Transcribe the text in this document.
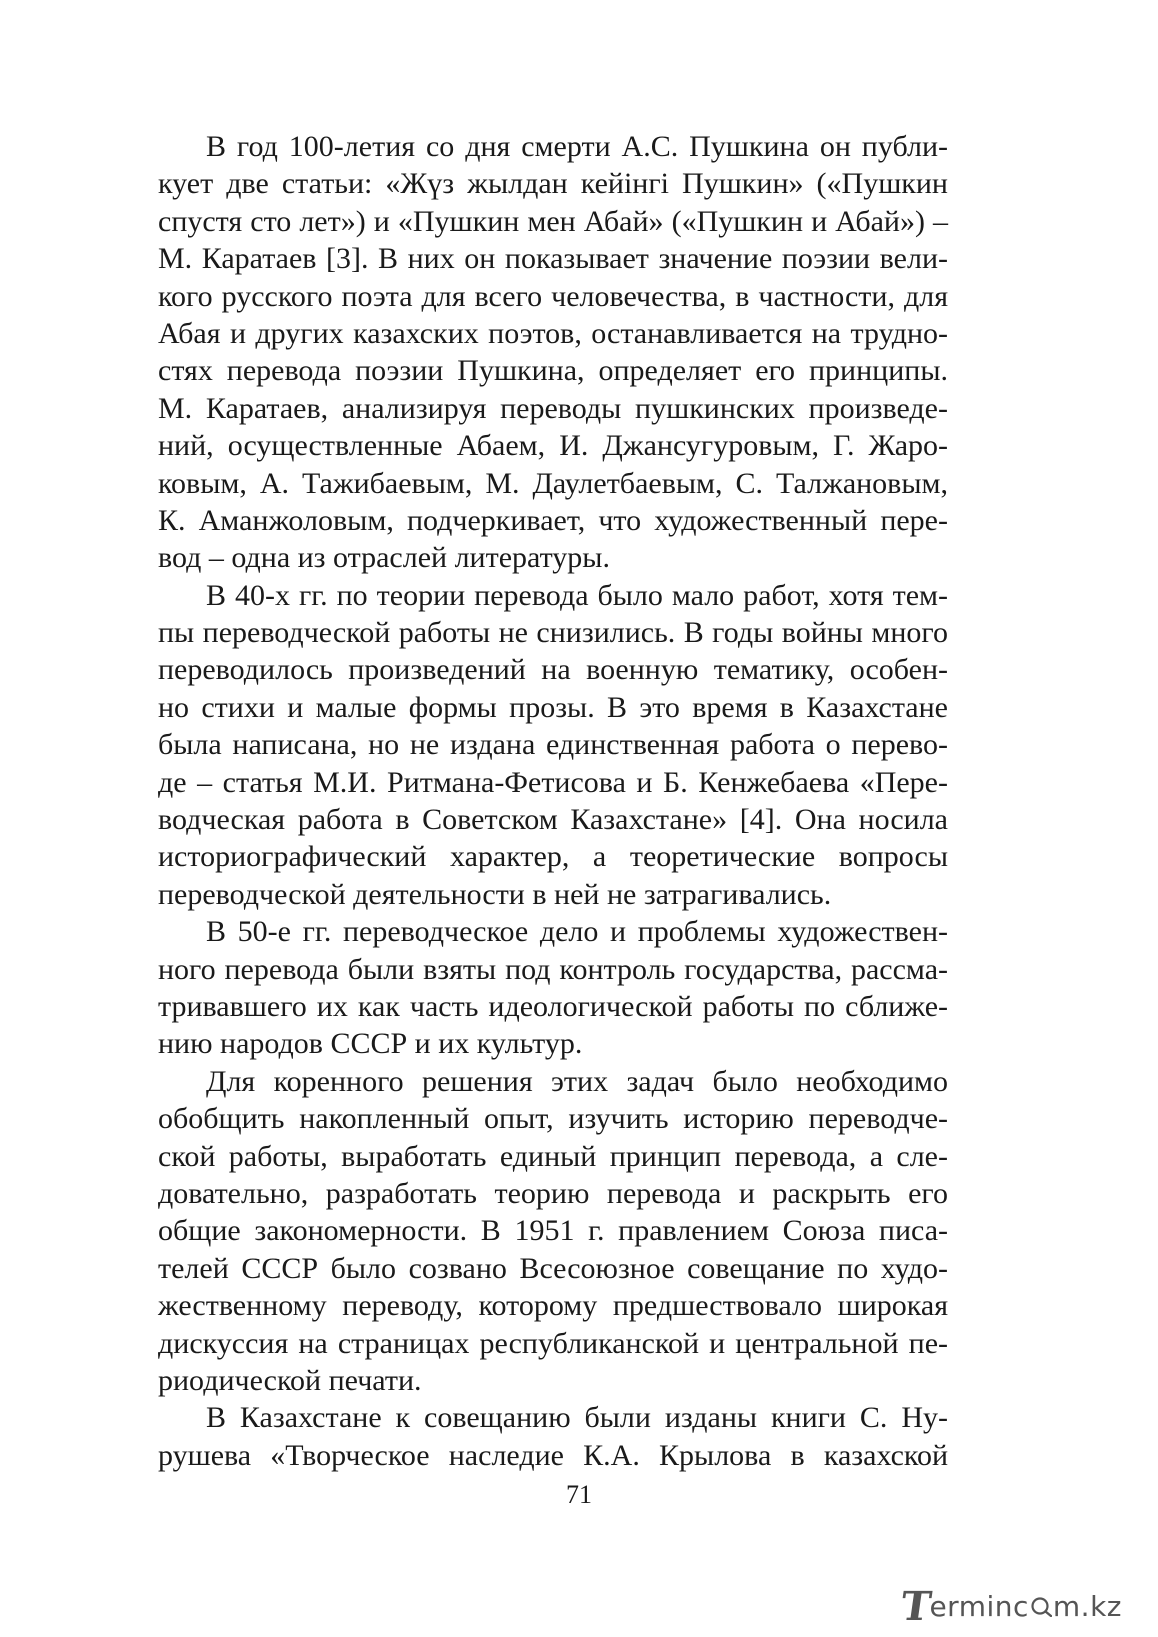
В год 100-летия со дня смерти А.С. Пушкина он публи-
кует две статьи: «Жүз жылдан кейінгі Пушкин» («Пушкин
спустя сто лет») и «Пушкин мен Абай» («Пушкин и Абай») –
М. Каратаев [3]. В них он показывает значение поэзии вели-
кого русского поэта для всего человечества, в частности, для
Абая и других казахских поэтов, останавливается на трудно-
стях перевода поэзии Пушкина, определяет его принципы.
М. Каратаев, анализируя переводы пушкинских произведе-
ний, осуществленные Абаем, И. Джансугуровым, Г. Жаро-
ковым, А. Тажибаевым, М. Даулетбаевым, С. Талжановым,
К. Аманжоловым, подчеркивает, что художественный пере-
вод – одна из отраслей литературы.
В 40-х гг. по теории перевода было мало работ, хотя тем-
пы переводческой работы не снизились. В годы войны много
переводилось произведений на военную тематику, особен-
но стихи и малые формы прозы. В это время в Казахстане
была написана, но не издана единственная работа о перево-
де – статья М.И. Ритмана-Фетисова и Б. Кенжебаева «Пере-
водческая работа в Советском Казахстане» [4]. Она носила
историографический характер, а теоретические вопросы
переводческой деятельности в ней не затрагивались.
В 50-е гг. переводческое дело и проблемы художествен-
ного перевода были взяты под контроль государства, рассма-
тривавшего их как часть идеологической работы по сближе-
нию народов СССР и их культур.
Для коренного решения этих задач было необходимо
обобщить накопленный опыт, изучить историю переводче-
ской работы, выработать единый принцип перевода, а сле-
довательно, разработать теорию перевода и раскрыть его
общие закономерности. В 1951 г. правлением Союза писа-
телей СССР было созвано Всесоюзное совещание по худо-
жественному переводу, которому предшествовало широкая
дискуссия на страницах республиканской и центральной пе-
риодической печати.
В Казахстане к совещанию были изданы книги С. Ну-
рушева «Творческое наследие К.А. Крылова в казахской
71
T
erminc m.kz
